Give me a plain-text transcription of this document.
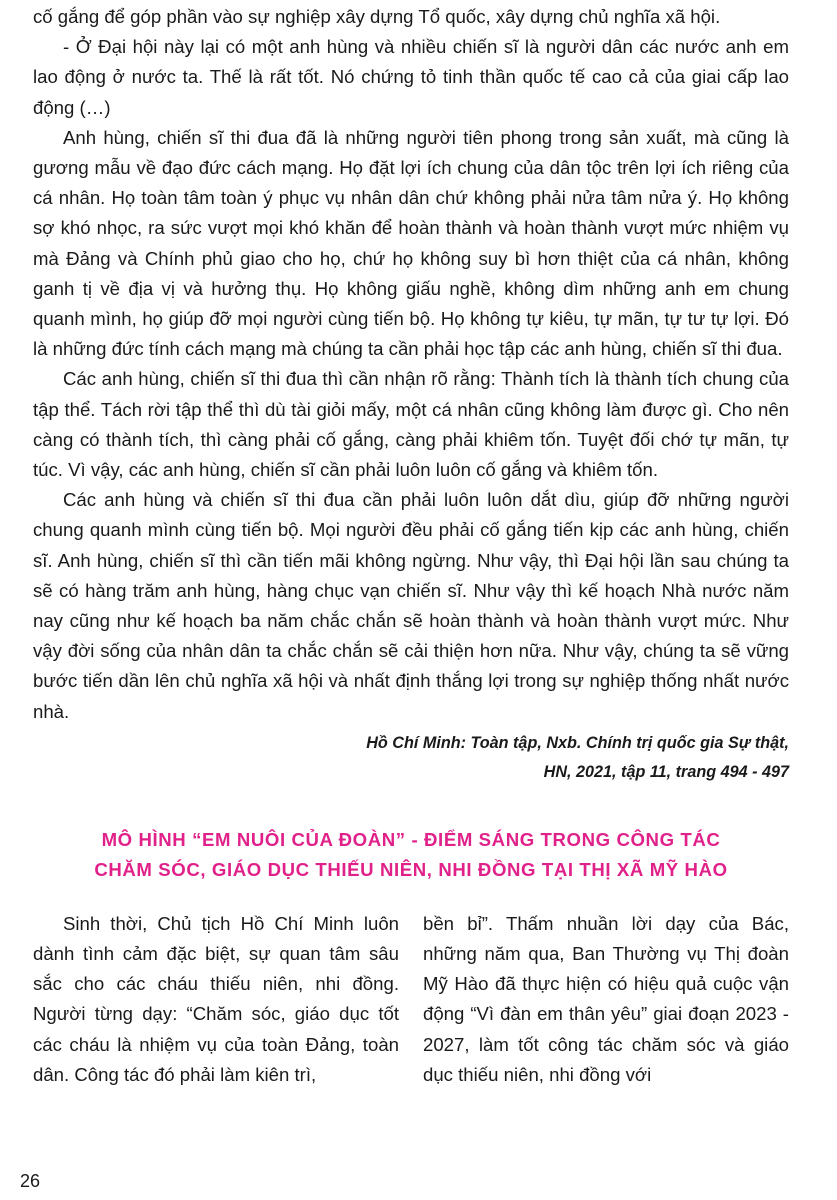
cố gắng để góp phần vào sự nghiệp xây dựng Tổ quốc, xây dựng chủ nghĩa xã hội.

- Ở Đại hội này lại có một anh hùng và nhiều chiến sĩ là người dân các nước anh em lao động ở nước ta. Thế là rất tốt. Nó chứng tỏ tinh thần quốc tế cao cả của giai cấp lao động (…)

Anh hùng, chiến sĩ thi đua đã là những người tiên phong trong sản xuất, mà cũng là gương mẫu về đạo đức cách mạng. Họ đặt lợi ích chung của dân tộc trên lợi ích riêng của cá nhân. Họ toàn tâm toàn ý phục vụ nhân dân chứ không phải nửa tâm nửa ý. Họ không sợ khó nhọc, ra sức vượt mọi khó khăn để hoàn thành và hoàn thành vượt mức nhiệm vụ mà Đảng và Chính phủ giao cho họ, chứ họ không suy bì hơn thiệt của cá nhân, không ganh tị về địa vị và hưởng thụ. Họ không giấu nghề, không dìm những anh em chung quanh mình, họ giúp đỡ mọi người cùng tiến bộ. Họ không tự kiêu, tự mãn, tự tư tự lợi. Đó là những đức tính cách mạng mà chúng ta cần phải học tập các anh hùng, chiến sĩ thi đua.

Các anh hùng, chiến sĩ thi đua thì cần nhận rõ rằng: Thành tích là thành tích chung của tập thể. Tách rời tập thể thì dù tài giỏi mấy, một cá nhân cũng không làm được gì. Cho nên càng có thành tích, thì càng phải cố gắng, càng phải khiêm tốn. Tuyệt đối chớ tự mãn, tự túc. Vì vậy, các anh hùng, chiến sĩ cần phải luôn luôn cố gắng và khiêm tốn.

Các anh hùng và chiến sĩ thi đua cần phải luôn luôn dắt dìu, giúp đỡ những người chung quanh mình cùng tiến bộ. Mọi người đều phải cố gắng tiến kịp các anh hùng, chiến sĩ. Anh hùng, chiến sĩ thì cần tiến mãi không ngừng. Như vậy, thì Đại hội lần sau chúng ta sẽ có hàng trăm anh hùng, hàng chục vạn chiến sĩ. Như vậy thì kế hoạch Nhà nước năm nay cũng như kế hoạch ba năm chắc chắn sẽ hoàn thành và hoàn thành vượt mức. Như vậy đời sống của nhân dân ta chắc chắn sẽ cải thiện hơn nữa. Như vậy, chúng ta sẽ vững bước tiến dần lên chủ nghĩa xã hội và nhất định thắng lợi trong sự nghiệp thống nhất nước nhà.

Hồ Chí Minh: Toàn tập, Nxb. Chính trị quốc gia Sự thật,
HN, 2021, tập 11, trang 494 - 497
MÔ HÌNH “EM NUÔI CỦA ĐOÀN” - ĐIỂM SÁNG TRONG CÔNG TÁC
CHĂM SÓC, GIÁO DỤC THIẾU NIÊN, NHI ĐỒNG TẠI THỊ XÃ MỸ HÀO

Sinh thời, Chủ tịch Hồ Chí Minh luôn dành tình cảm đặc biệt, sự quan tâm sâu sắc cho các cháu thiếu niên, nhi đồng. Người từng dạy: “Chăm sóc, giáo dục tốt các cháu là nhiệm vụ của toàn Đảng, toàn dân. Công tác đó phải làm kiên trì,

bền bỉ”. Thấm nhuần lời dạy của Bác, những năm qua, Ban Thường vụ Thị đoàn Mỹ Hào đã thực hiện có hiệu quả cuộc vận động “Vì đàn em thân yêu” giai đoạn 2023 - 2027, làm tốt công tác chăm sóc và giáo dục thiếu niên, nhi đồng với

26
